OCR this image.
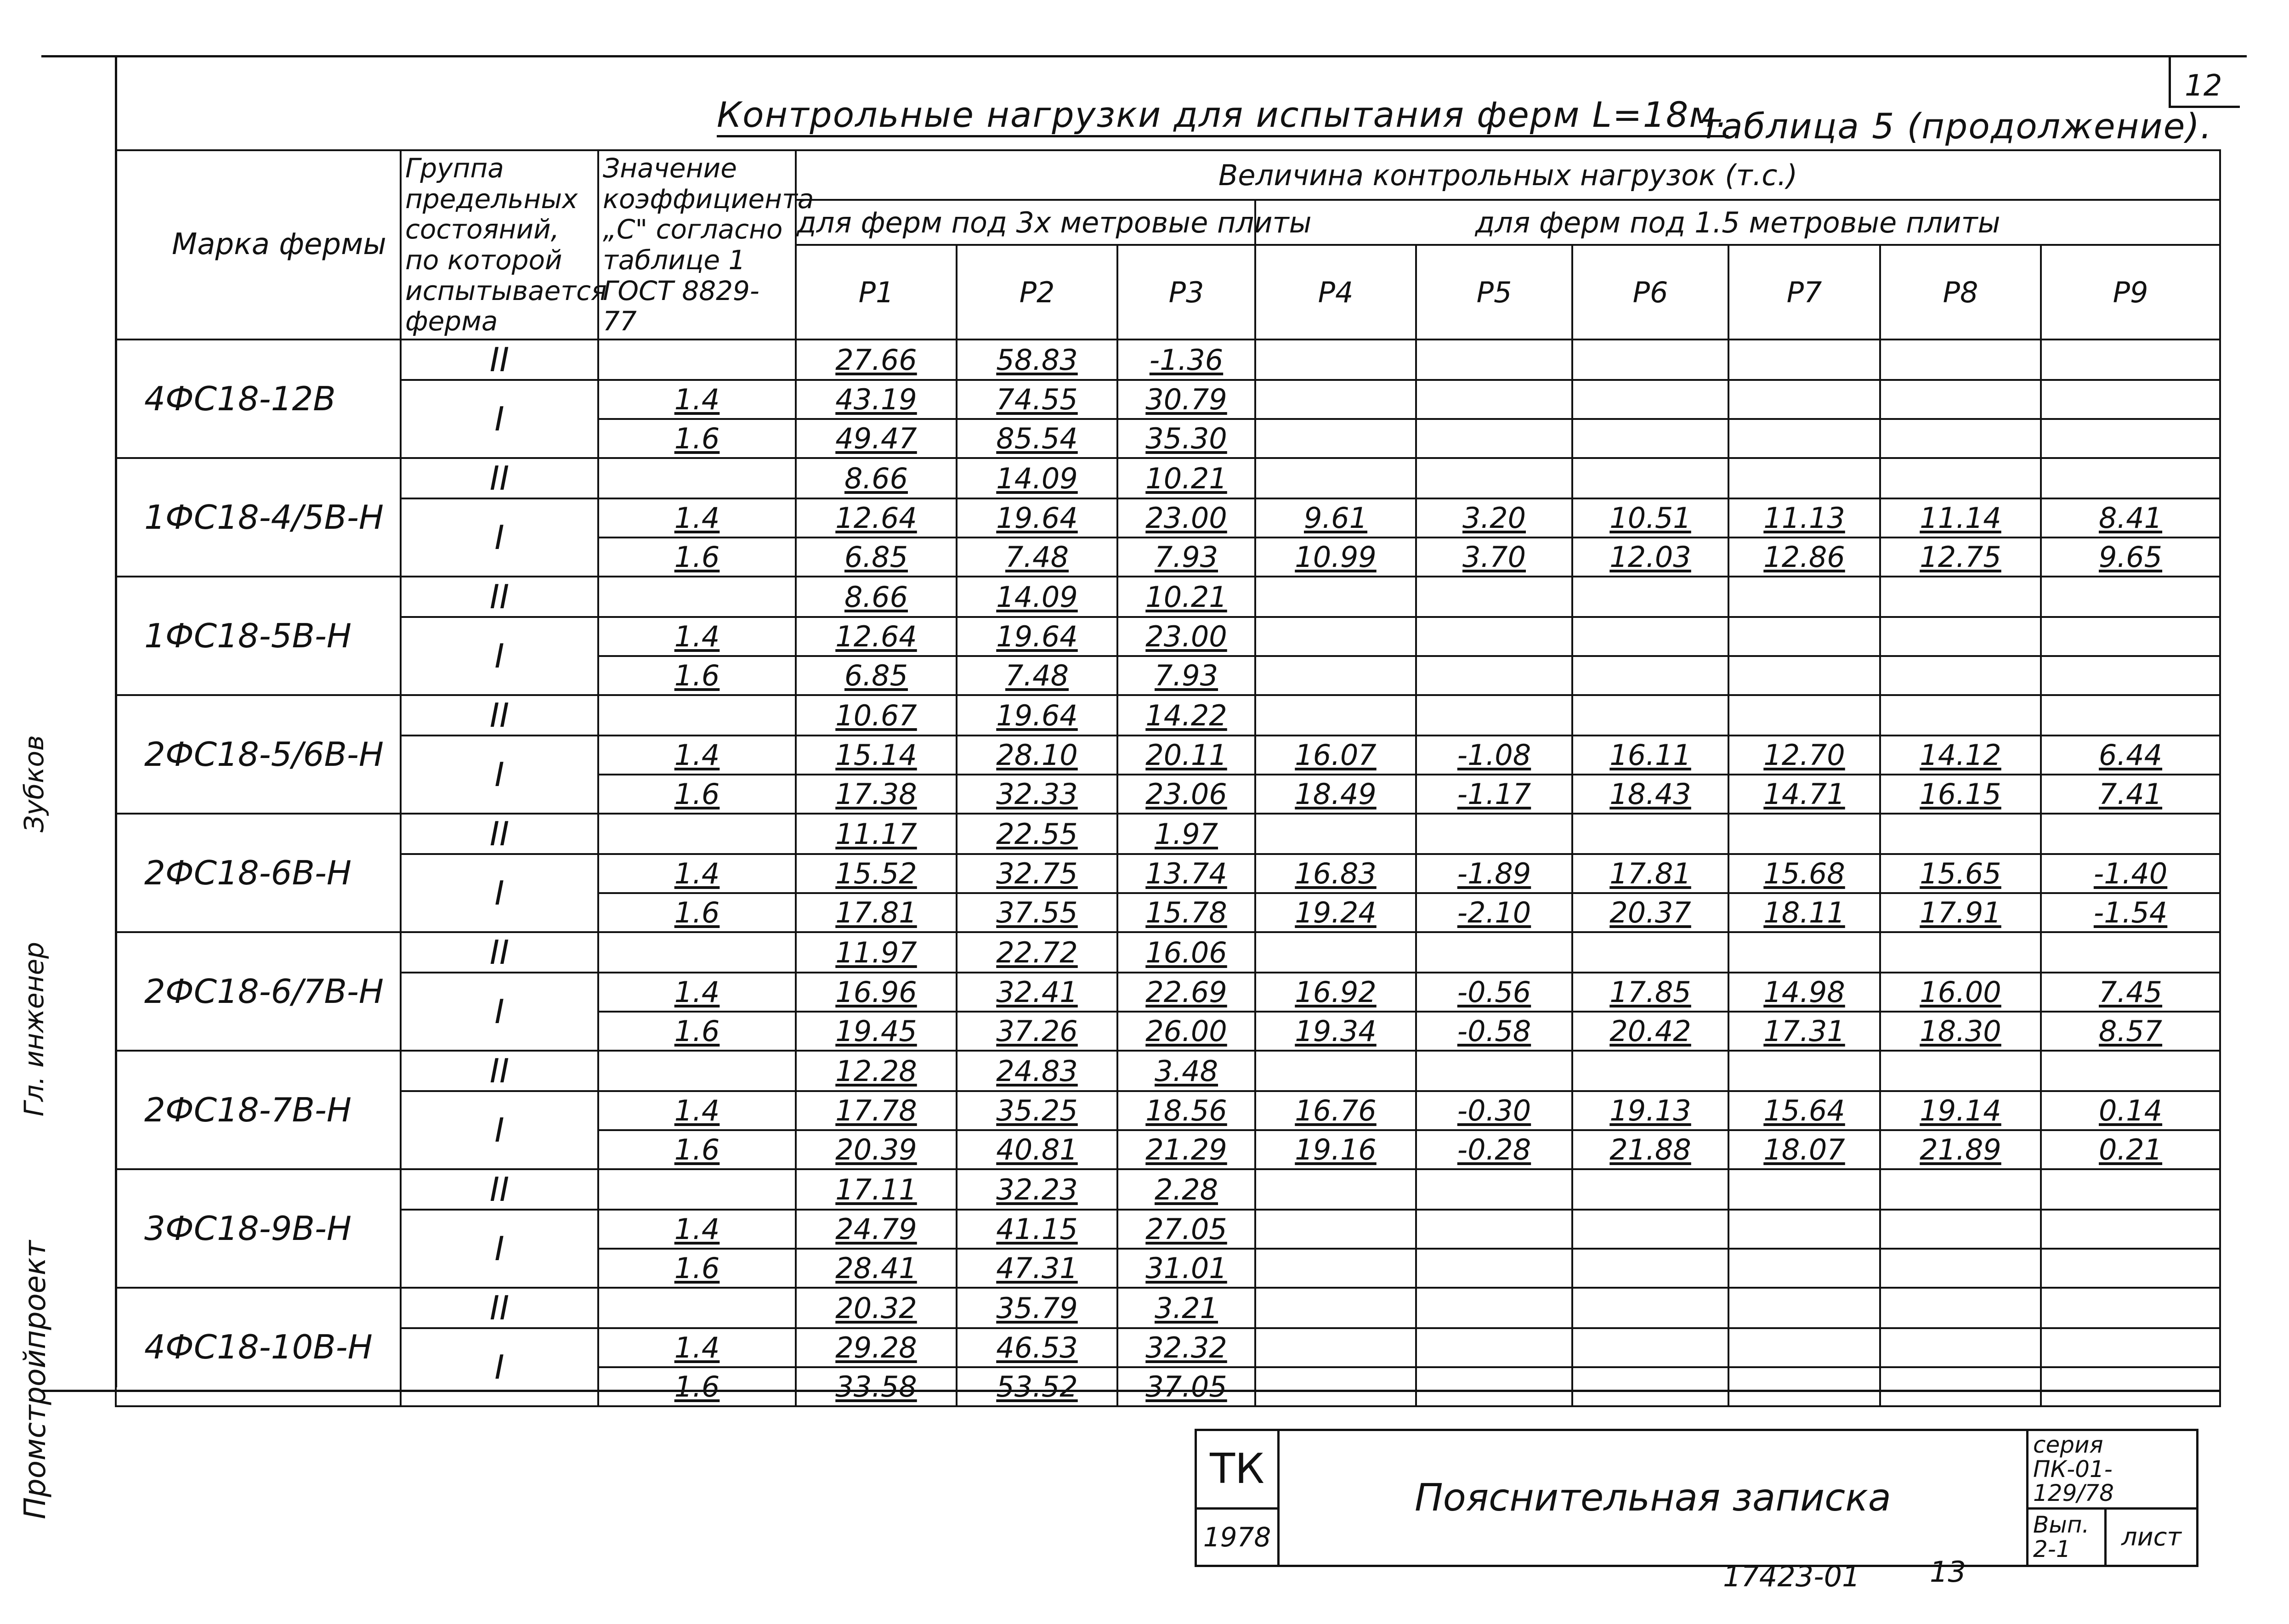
12
Контрольные нагрузки для испытания ферм L=18м.
таблица 5 (продолжение).
Промстройпроект
Гл. инженер
Зубков
Марка фермы	Группа предельных состояний, по которой испытывается ферма	Значение коэффициента „С" согласно таблице 1 ГОСТ 8829-77	Величина контрольных нагрузок (т.с.)								
			для ферм под 3х метровые плиты			для ферм под 1.5 метровые плиты					
			P1	P2	P3	P4	P5	P6	P7	P8	P9
4ФС18-12В	II		27.66	58.83	-1.36						
	I	1.4	43.19	74.55	30.79						
		1.6	49.47	85.54	35.30						
1ФС18-4/5В-Н	II		8.66	14.09	10.21						
	I	1.4	12.64	19.64	23.00	9.61	3.20	10.51	11.13	11.14	8.41
		1.6	6.85	7.48	7.93	10.99	3.70	12.03	12.86	12.75	9.65
1ФС18-5В-Н	II		8.66	14.09	10.21						
	I	1.4	12.64	19.64	23.00						
		1.6	6.85	7.48	7.93						
2ФС18-5/6В-Н	II		10.67	19.64	14.22						
	I	1.4	15.14	28.10	20.11	16.07	-1.08	16.11	12.70	14.12	6.44
		1.6	17.38	32.33	23.06	18.49	-1.17	18.43	14.71	16.15	7.41
2ФС18-6В-Н	II		11.17	22.55	1.97						
	I	1.4	15.52	32.75	13.74	16.83	-1.89	17.81	15.68	15.65	-1.40
		1.6	17.81	37.55	15.78	19.24	-2.10	20.37	18.11	17.91	-1.54
2ФС18-6/7В-Н	II		11.97	22.72	16.06						
	I	1.4	16.96	32.41	22.69	16.92	-0.56	17.85	14.98	16.00	7.45
		1.6	19.45	37.26	26.00	19.34	-0.58	20.42	17.31	18.30	8.57
2ФС18-7В-Н	II		12.28	24.83	3.48						
	I	1.4	17.78	35.25	18.56	16.76	-0.30	19.13	15.64	19.14	0.14
		1.6	20.39	40.81	21.29	19.16	-0.28	21.88	18.07	21.89	0.21
3ФС18-9В-Н	II		17.11	32.23	2.28						
	I	1.4	24.79	41.15	27.05						
		1.6	28.41	47.31	31.01						
4ФС18-10В-Н	II		20.32	35.79	3.21						
	I	1.4	29.28	46.53	32.32						
		1.6	33.58	53.52	37.05						
ТК	Пояснительная записка	серия
ПК-01-129/78	

1978		Вып.
2-1	лист
17423-01 13
